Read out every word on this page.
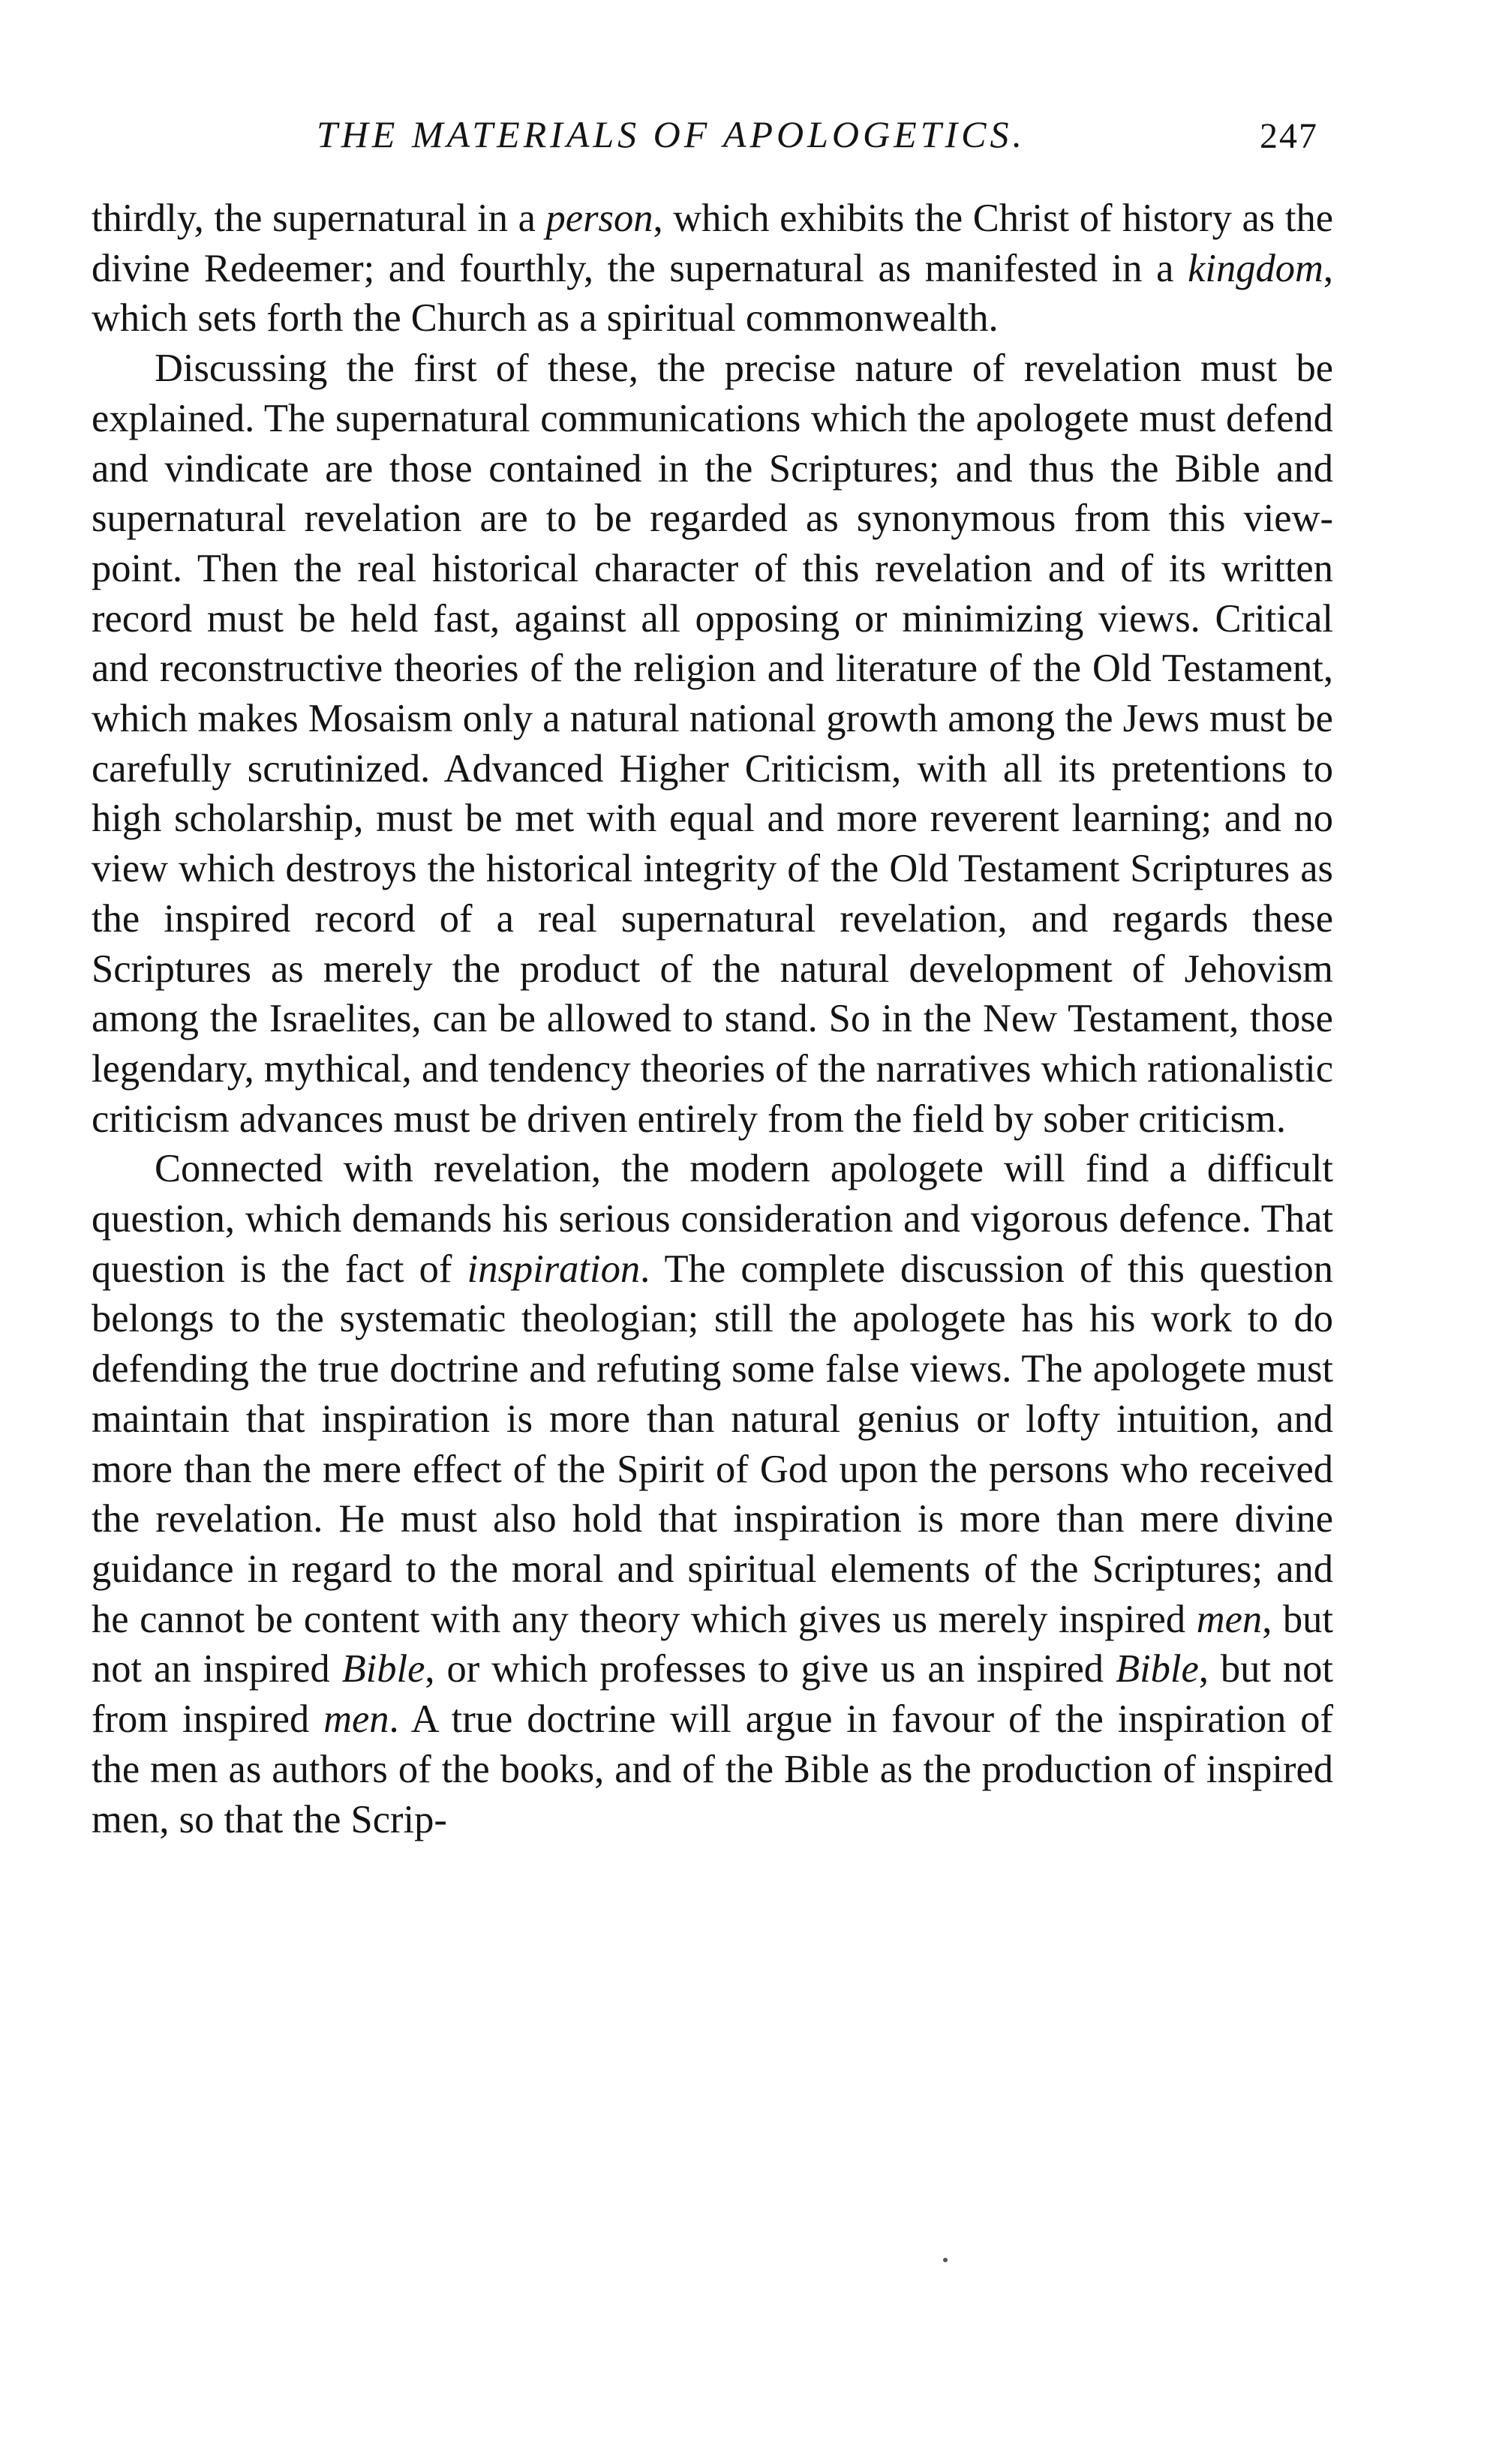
THE MATERIALS OF APOLOGETICS.	247

thirdly, the supernatural in a person, which exhibits the Christ of history as the divine Redeemer; and fourthly, the supernatural as manifested in a kingdom, which sets forth the Church as a spiritual commonwealth.

Discussing the first of these, the precise nature of revelation must be explained. The supernatural communications which the apologete must defend and vindicate are those contained in the Scriptures; and thus the Bible and supernatural revelation are to be regarded as synonymous from this view-point. Then the real historical character of this revelation and of its written record must be held fast, against all opposing or minimizing views. Critical and reconstructive theories of the religion and literature of the Old Testament, which makes Mosaism only a natural national growth among the Jews must be carefully scrutinized. Advanced Higher Criticism, with all its pretentions to high scholarship, must be met with equal and more reverent learning; and no view which destroys the historical integrity of the Old Testament Scriptures as the inspired record of a real supernatural revelation, and regards these Scriptures as merely the product of the natural development of Jehovism among the Israelites, can be allowed to stand. So in the New Testament, those legendary, mythical, and tendency theories of the narratives which rationalistic criticism advances must be driven entirely from the field by sober criticism.

Connected with revelation, the modern apologete will find a difficult question, which demands his serious consideration and vigorous defence. That question is the fact of inspiration. The complete discussion of this question belongs to the systematic theologian; still the apologete has his work to do defending the true doctrine and refuting some false views. The apologete must maintain that inspiration is more than natural genius or lofty intuition, and more than the mere effect of the Spirit of God upon the persons who received the revelation. He must also hold that inspiration is more than mere divine guidance in regard to the moral and spiritual elements of the Scriptures; and he cannot be content with any theory which gives us merely inspired men, but not an inspired Bible, or which professes to give us an inspired Bible, but not from inspired men. A true doctrine will argue in favour of the inspiration of the men as authors of the books, and of the Bible as the production of inspired men, so that the Scrip-
